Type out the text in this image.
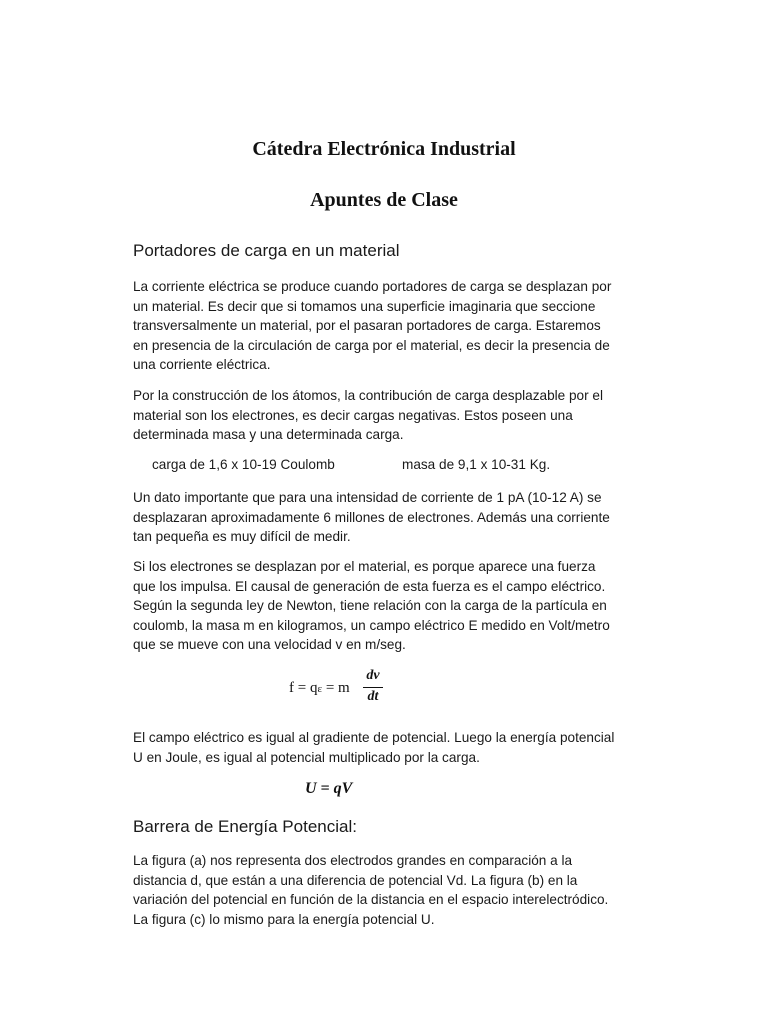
Cátedra Electrónica Industrial
Apuntes de Clase
Portadores de carga en un material

La corriente eléctrica se produce cuando portadores de carga se desplazan por
un material. Es decir que si tomamos una superficie imaginaria que seccione
transversalmente un material, por el pasaran portadores de carga. Estaremos
en presencia de la circulación de carga por el material, es decir la presencia de
una corriente eléctrica.

Por la construcción de los átomos, la contribución de carga desplazable por el
material son los electrones, es decir cargas negativas. Estos poseen una
determinada masa y una determinada carga.

carga de 1,6 x 10-19 Coulomb	masa de 9,1 x 10-31 Kg.

Un dato importante que para una intensidad de corriente de 1 pA (10-12 A) se
desplazaran aproximadamente 6 millones de electrones. Además una corriente
tan pequeña es muy difícil de medir.

Si los electrones se desplazan por el material, es porque aparece una fuerza
que los impulsa. El causal de generación de esta fuerza es el campo eléctrico.
Según la segunda ley de Newton, tiene relación con la carga de la partícula en
coulomb, la masa m en kilogramos, un campo eléctrico E medido en Volt/metro
que se mueve con una velocidad v en m/seg.

f = qε = m
dv
dt

El campo eléctrico es igual al gradiente de potencial. Luego la energía potencial
U en Joule, es igual al potencial multiplicado por la carga.

U = qV
Barrera de Energía Potencial:

La figura (a) nos representa dos electrodos grandes en comparación a la
distancia d, que están a una diferencia de potencial Vd. La figura (b) en la
variación del potencial en función de la distancia en el espacio interelectródico.
La figura (c) lo mismo para la energía potencial U.
